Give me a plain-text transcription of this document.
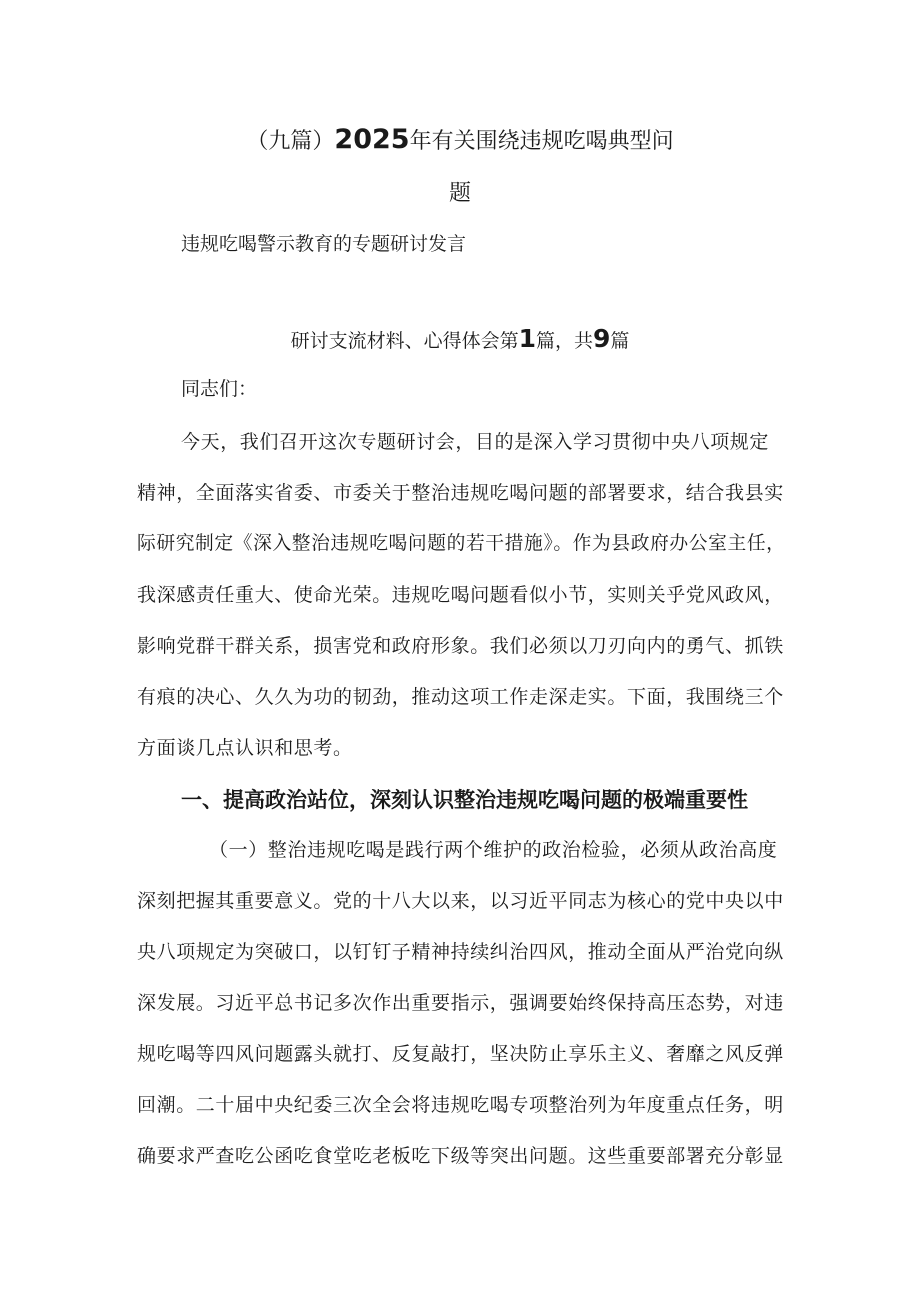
（九篇）2025年有关围绕违规吃喝典型问
题
违规吃喝警示教育的专题研讨发言
研讨支流材料、心得体会第1篇，共9篇
同志们：
今天，我们召开这次专题研讨会，目的是深入学习贯彻中央八项规定
精神，全面落实省委、市委关于整治违规吃喝问题的部署要求，结合我县实
际研究制定《深入整治违规吃喝问题的若干措施》。作为县政府办公室主任，
我深感责任重大、使命光荣。违规吃喝问题看似小节，实则关乎党风政风，
影响党群干群关系，损害党和政府形象。我们必须以刀刃向内的勇气、抓铁
有痕的决心、久久为功的韧劲，推动这项工作走深走实。下面，我围绕三个
方面谈几点认识和思考。
一、提高政治站位，深刻认识整治违规吃喝问题的极端重要性
（一）整治违规吃喝是践行两个维护的政治检验，必须从政治高度
深刻把握其重要意义。党的十八大以来，以习近平同志为核心的党中央以中
央八项规定为突破口，以钉钉子精神持续纠治四风，推动全面从严治党向纵
深发展。习近平总书记多次作出重要指示，强调要始终保持高压态势，对违
规吃喝等四风问题露头就打、反复敲打，坚决防止享乐主义、奢靡之风反弹
回潮。二十届中央纪委三次全会将违规吃喝专项整治列为年度重点任务，明
确要求严查吃公函吃食堂吃老板吃下级等突出问题。这些重要部署充分彰显
